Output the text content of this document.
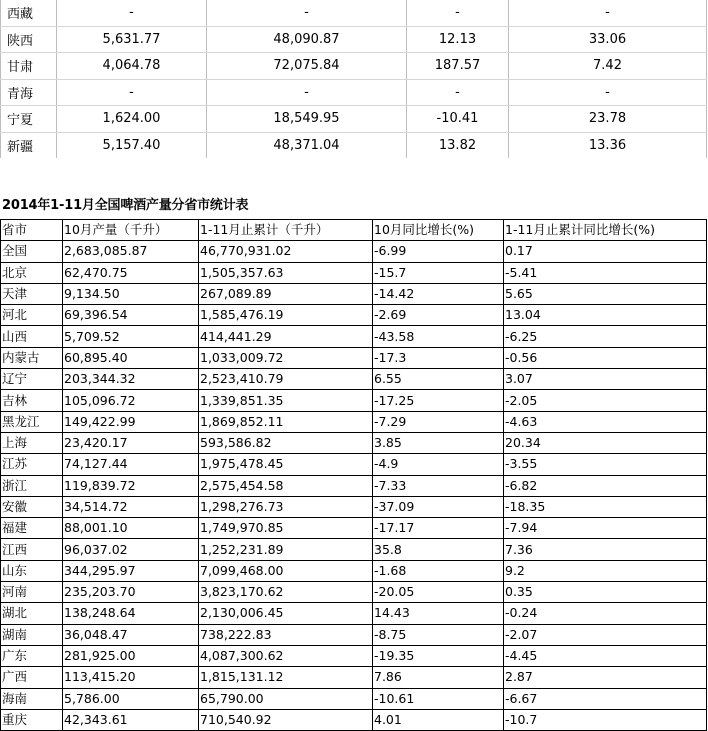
西藏	-	-	-	-
陕西	5,631.77	48,090.87	12.13	33.06
甘肃	4,064.78	72,075.84	187.57	7.42
青海	-	-	-	-
宁夏	1,624.00	18,549.95	-10.41	23.78
新疆	5,157.40	48,371.04	13.82	13.36
2014年1-11月全国啤酒产量分省市统计表
省市	10月产量（千升）	1-11月止累计（千升）	10月同比增长(%)	1-11月止累计同比增长(%)
全国	2,683,085.87	46,770,931.02	-6.99	0.17
北京	62,470.75	1,505,357.63	-15.7	-5.41
天津	9,134.50	267,089.89	-14.42	5.65
河北	69,396.54	1,585,476.19	-2.69	13.04
山西	5,709.52	414,441.29	-43.58	-6.25
内蒙古	60,895.40	1,033,009.72	-17.3	-0.56
辽宁	203,344.32	2,523,410.79	6.55	3.07
吉林	105,096.72	1,339,851.35	-17.25	-2.05
黑龙江	149,422.99	1,869,852.11	-7.29	-4.63
上海	23,420.17	593,586.82	3.85	20.34
江苏	74,127.44	1,975,478.45	-4.9	-3.55
浙江	119,839.72	2,575,454.58	-7.33	-6.82
安徽	34,514.72	1,298,276.73	-37.09	-18.35
福建	88,001.10	1,749,970.85	-17.17	-7.94
江西	96,037.02	1,252,231.89	35.8	7.36
山东	344,295.97	7,099,468.00	-1.68	9.2
河南	235,203.70	3,823,170.62	-20.05	0.35
湖北	138,248.64	2,130,006.45	14.43	-0.24
湖南	36,048.47	738,222.83	-8.75	-2.07
广东	281,925.00	4,087,300.62	-19.35	-4.45
广西	113,415.20	1,815,131.12	7.86	2.87
海南	5,786.00	65,790.00	-10.61	-6.67
重庆	42,343.61	710,540.92	4.01	-10.7
